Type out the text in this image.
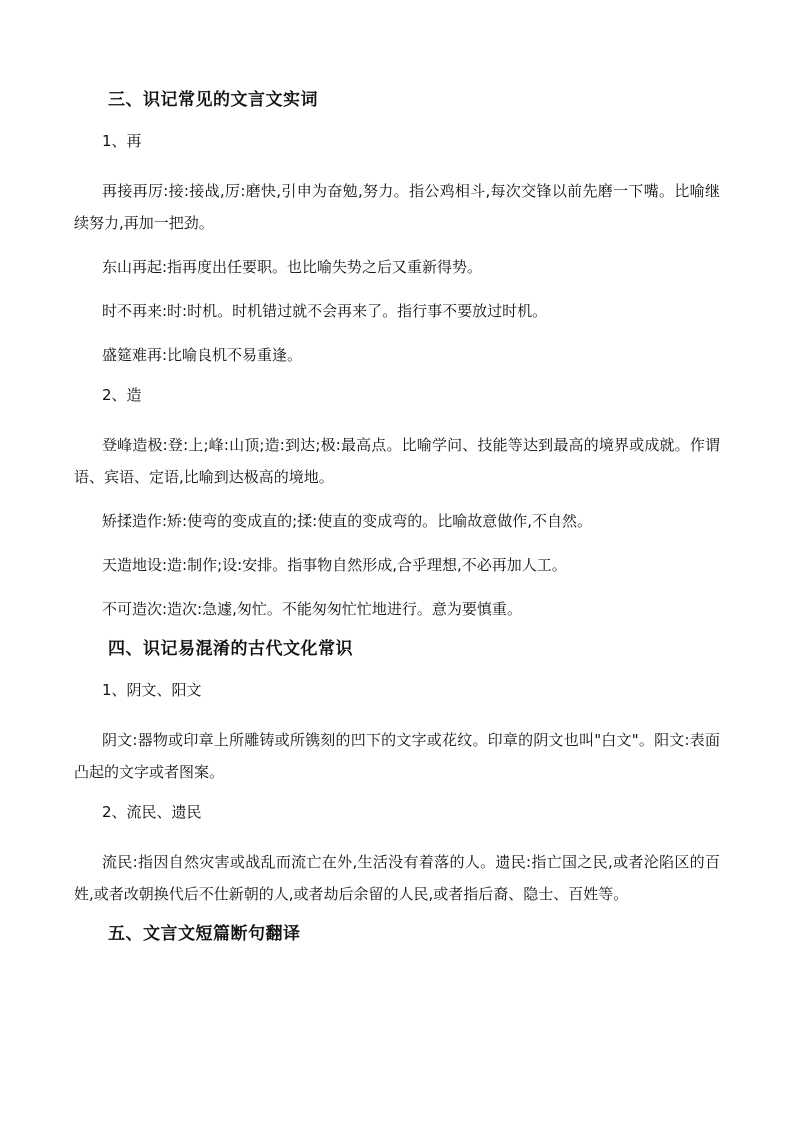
三、识记常见的文言文实词

1、再

再接再厉:接:接战,厉:磨快,引申为奋勉,努力。指公鸡相斗,每次交锋以前先磨一下嘴。比喻继续努力,再加一把劲。

东山再起:指再度出任要职。也比喻失势之后又重新得势。

时不再来:时:时机。时机错过就不会再来了。指行事不要放过时机。

盛筵难再:比喻良机不易重逢。

2、造

登峰造极:登:上;峰:山顶;造:到达;极:最高点。比喻学问、技能等达到最高的境界或成就。作谓语、宾语、定语,比喻到达极高的境地。

矫揉造作:矫:使弯的变成直的;揉:使直的变成弯的。比喻故意做作,不自然。

天造地设:造:制作;设:安排。指事物自然形成,合乎理想,不必再加人工。

不可造次:造次:急遽,匆忙。不能匆匆忙忙地进行。意为要慎重。

四、识记易混淆的古代文化常识

1、阴文、阳文

阴文:器物或印章上所雕铸或所镌刻的凹下的文字或花纹。印章的阴文也叫"白文"。阳文:表面凸起的文字或者图案。

2、流民、遗民

流民:指因自然灾害或战乱而流亡在外,生活没有着落的人。遗民:指亡国之民,或者沦陷区的百姓,或者改朝换代后不仕新朝的人,或者劫后余留的人民,或者指后裔、隐士、百姓等。

五、文言文短篇断句翻译
